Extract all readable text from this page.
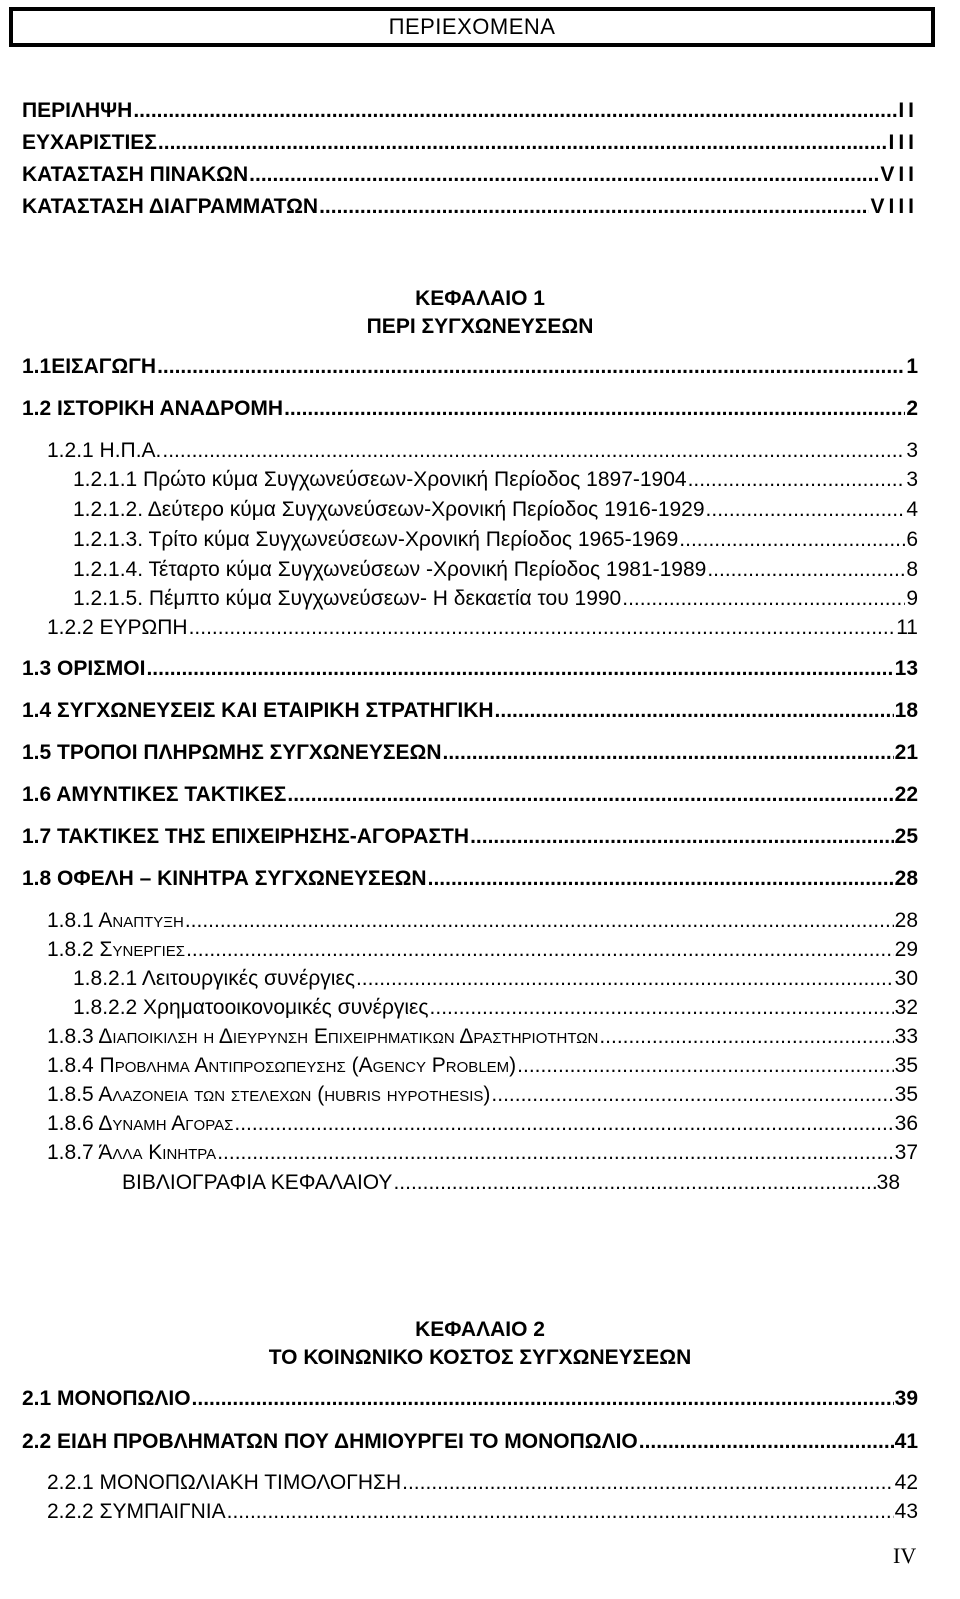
ΠΕΡΙΕΧΟΜΕΝΑ
ΠΕΡΙΛΗΨΗ .....	II
ΕΥΧΑΡΙΣΤΙΕΣ .....	III
ΚΑΤΑΣΤΑΣΗ ΠΙΝΑΚΩΝ .....	VII
ΚΑΤΑΣΤΑΣΗ ΔΙΑΓΡΑΜΜΑΤΩΝ .....	VIII
ΚΕΦΑΛΑΙΟ 1
ΠΕΡΙ ΣΥΓΧΩΝΕΥΣΕΩΝ
1.1ΕΙΣΑΓΩΓΗ .....	1
1.2 ΙΣΤΟΡΙΚΗ ΑΝΑΔΡΟΜΗ .....	2
1.2.1 Η.Π.Α. .....	3
1.2.1.1 Πρώτο κύμα Συγχωνεύσεων-Χρονική Περίοδος 1897-1904 .....	3
1.2.1.2. Δεύτερο κύμα Συγχωνεύσεων-Χρονική Περίοδος 1916-1929 .....	4
1.2.1.3. Τρίτο κύμα Συγχωνεύσεων-Χρονική Περίοδος 1965-1969 .....	6
1.2.1.4. Τέταρτο κύμα Συγχωνεύσεων -Χρονική Περίοδος 1981-1989 .....	8
1.2.1.5. Πέμπτο κύμα Συγχωνεύσεων- Η δεκαετία του 1990 .....	9
1.2.2 ΕΥΡΩΠΗ .....	11
1.3 ΟΡΙΣΜΟΙ .....	13
1.4 ΣΥΓΧΩΝΕΥΣΕΙΣ ΚΑΙ ΕΤΑΙΡΙΚΗ ΣΤΡΑΤΗΓΙΚΗ .....	18
1.5 ΤΡΟΠΟΙ ΠΛΗΡΩΜΗΣ ΣΥΓΧΩΝΕΥΣΕΩΝ .....	21
1.6 ΑΜΥΝΤΙΚΕΣ ΤΑΚΤΙΚΕΣ .....	22
1.7 ΤΑΚΤΙΚΕΣ ΤΗΣ ΕΠΙΧΕΙΡΗΣΗΣ-ΑΓΟΡΑΣΤΗ .....	25
1.8 ΟΦΕΛΗ – ΚΙΝΗΤΡΑ ΣΥΓΧΩΝΕΥΣΕΩΝ .....	28
1.8.1 Αναπτυξη .....	28
1.8.2 Συνεργιες .....	29
1.8.2.1 Λειτουργικές συνέργιες .....	30
1.8.2.2 Χρηματοοικονομικές συνέργιες .....	32
1.8.3 Διαποικιλση η Διευρυνση Επιχειρηματικων Δραστηριοτητων .....	33
1.8.4 Προβλημα Αντιπροσωπευσης (Agency Problem) .....	35
1.8.5 Αλαζονεια των στελεχων (hubris hypothesis) .....	35
1.8.6 Δυναμη Αγορας .....	36
1.8.7 Άλλα Κινητρα .....	37
ΒΙΒΛΙΟΓΡΑΦΙΑ ΚΕΦΑΛΑΙΟΥ .....	38
ΚΕΦΑΛΑΙΟ 2
ΤΟ ΚΟΙΝΩΝΙΚΟ ΚΟΣΤΟΣ ΣΥΓΧΩΝΕΥΣΕΩΝ
2.1 ΜΟΝΟΠΩΛΙΟ .....	39
2.2 ΕΙΔΗ ΠΡΟΒΛΗΜΑΤΩΝ ΠΟΥ ΔΗΜΙΟΥΡΓΕΙ ΤΟ ΜΟΝΟΠΩΛΙΟ .....	41
2.2.1 ΜΟΝΟΠΩΛΙΑΚΗ ΤΙΜΟΛΟΓΗΣΗ .....	42
2.2.2 ΣΥΜΠΑΙΓΝΙΑ .....	43
IV
